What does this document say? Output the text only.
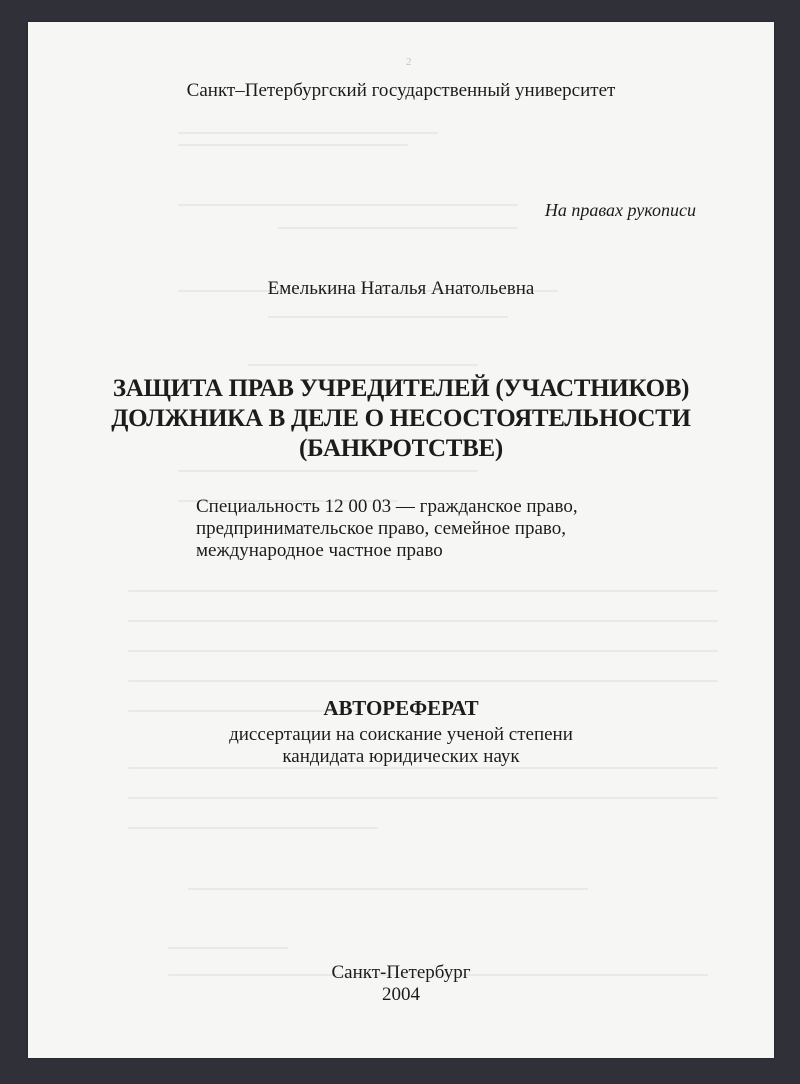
2
Санкт–Петербургский государственный университет
На правах рукописи
Емелькина Наталья Анатольевна
ЗАЩИТА ПРАВ УЧРЕДИТЕЛЕЙ (УЧАСТНИКОВ)
ДОЛЖНИКА В ДЕЛЕ О НЕСОСТОЯТЕЛЬНОСТИ
(БАНКРОТСТВЕ)
Специальность 12 00 03 — гражданское право,
предпринимательское право, семейное право,
международное частное право
АВТОРЕФЕРАТ
диссертации на соискание ученой степени
кандидата юридических наук
Санкт-Петербург
2004
